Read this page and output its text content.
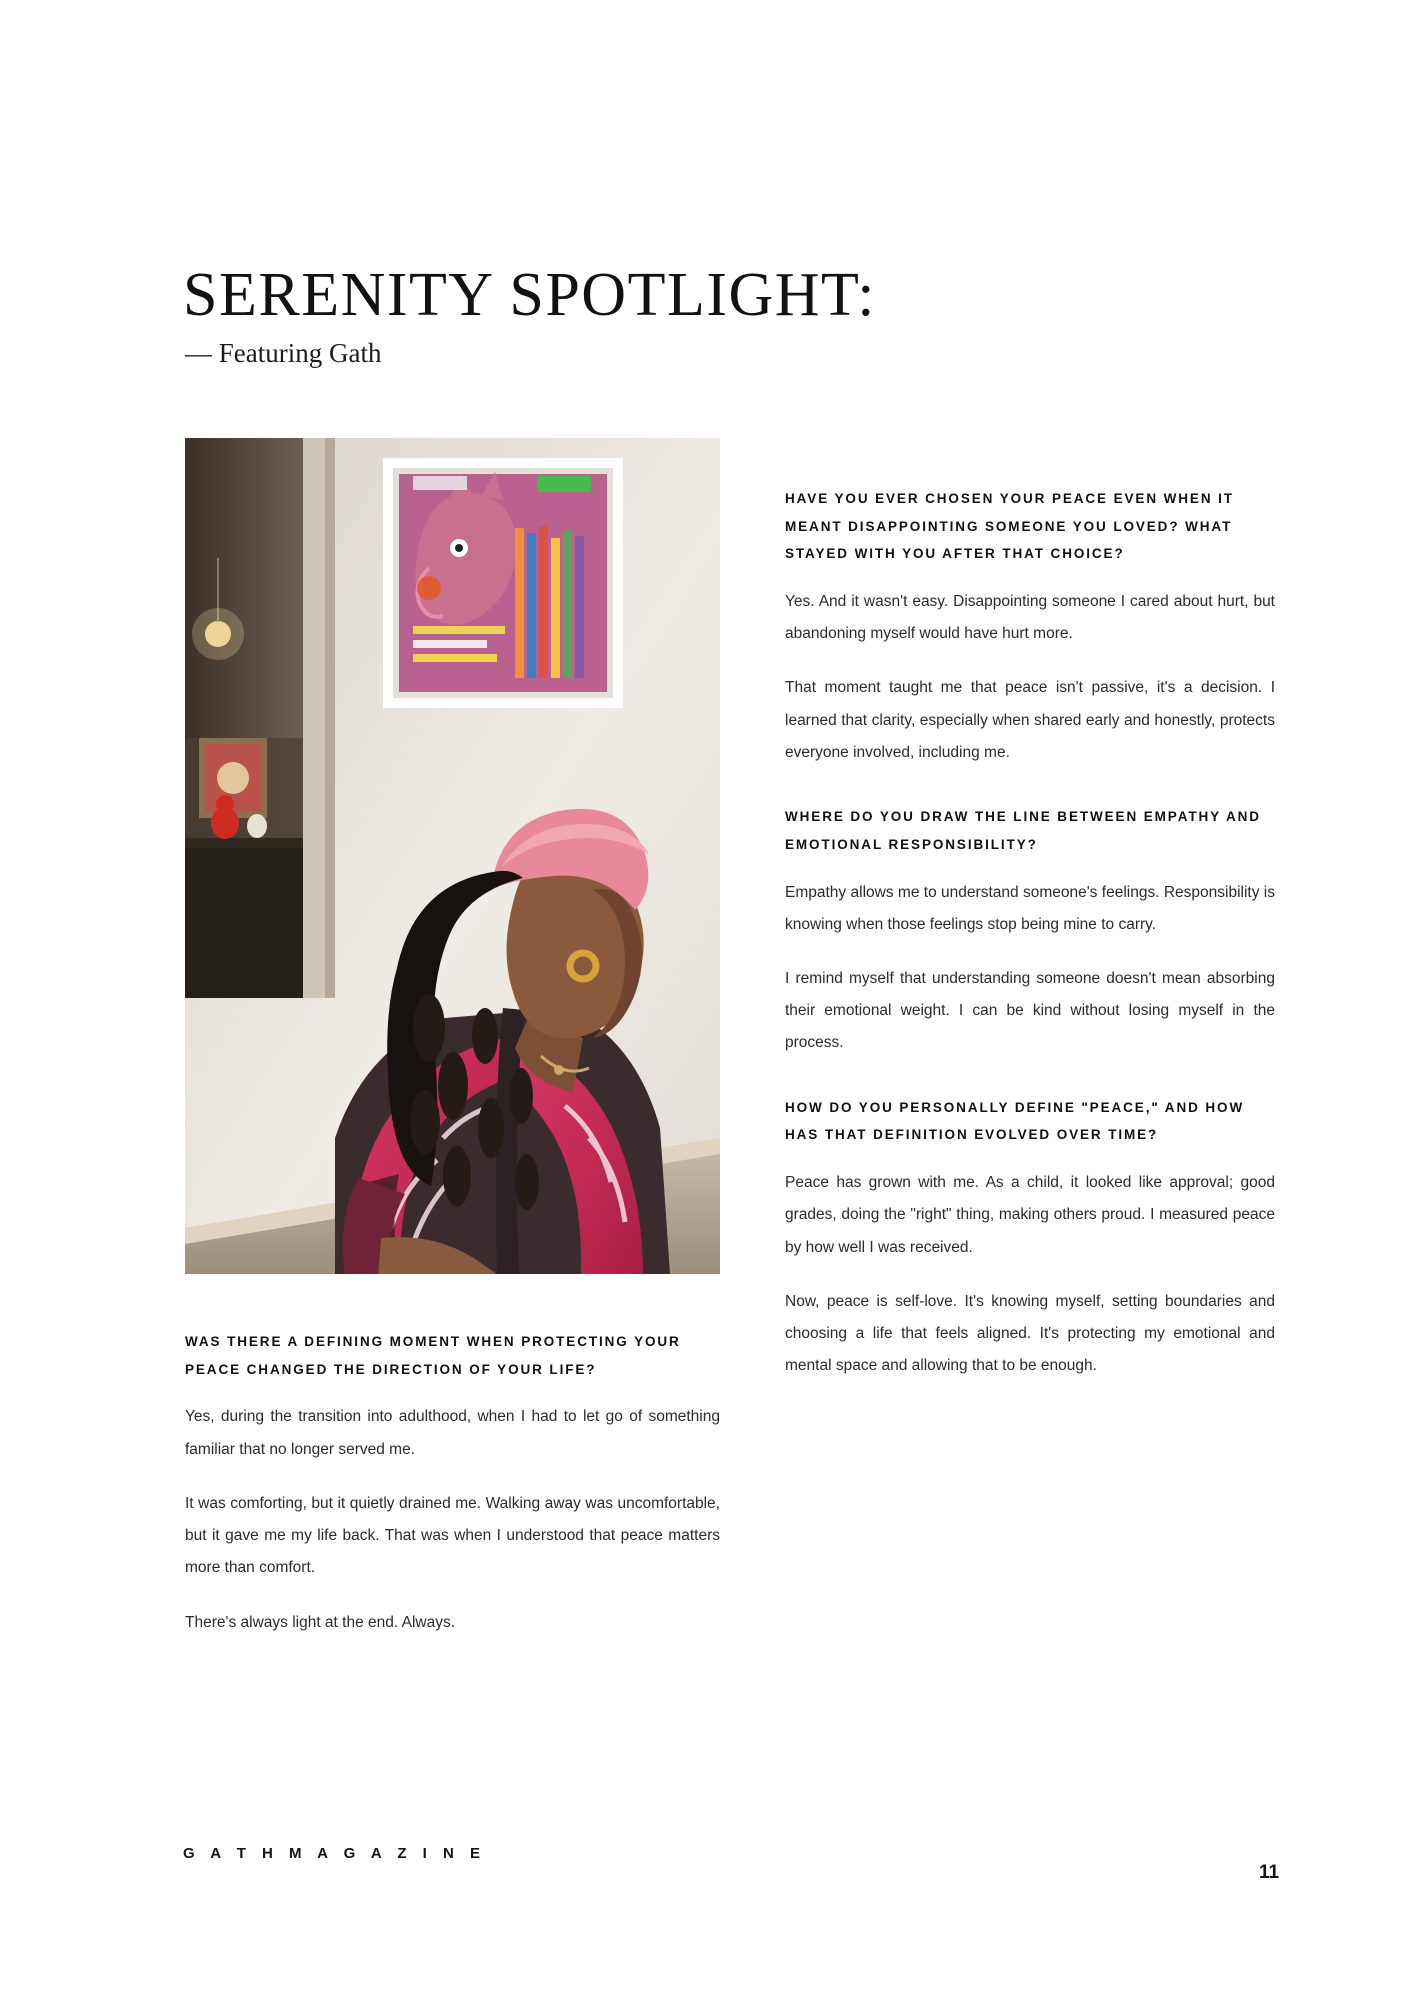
SERENITY SPOTLIGHT:
— Featuring Gath
WAS THERE A DEFINING MOMENT WHEN PROTECTING YOUR PEACE CHANGED THE DIRECTION OF YOUR LIFE?

Yes, during the transition into adulthood, when I had to let go of something familiar that no longer served me.

It was comforting, but it quietly drained me. Walking away was uncomfortable, but it gave me my life back. That was when I understood that peace matters more than comfort.

There's always light at the end. Always.

HAVE YOU EVER CHOSEN YOUR PEACE EVEN WHEN IT MEANT DISAPPOINTING SOMEONE YOU LOVED? WHAT STAYED WITH YOU AFTER THAT CHOICE?

Yes. And it wasn't easy. Disappointing someone I cared about hurt, but abandoning myself would have hurt more.

That moment taught me that peace isn't passive, it's a decision. I learned that clarity, especially when shared early and honestly, protects everyone involved, including me.

WHERE DO YOU DRAW THE LINE BETWEEN EMPATHY AND EMOTIONAL RESPONSIBILITY?

Empathy allows me to understand someone's feelings. Responsibility is knowing when those feelings stop being mine to carry.

I remind myself that understanding someone doesn't mean absorbing their emotional weight. I can be kind without losing myself in the process.

HOW DO YOU PERSONALLY DEFINE "PEACE," AND HOW HAS THAT DEFINITION EVOLVED OVER TIME?

Peace has grown with me. As a child, it looked like approval; good grades, doing the "right" thing, making others proud. I measured peace by how well I was received.

Now, peace is self-love. It's knowing myself, setting boundaries and choosing a life that feels aligned. It's protecting my emotional and mental space and allowing that to be enough.

G A T H M A G A Z I N E
11
